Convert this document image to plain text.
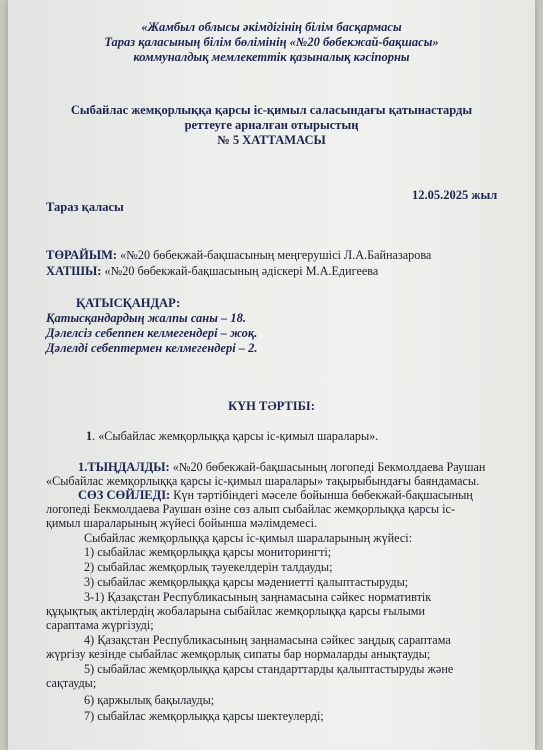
«Жамбыл облысы әкімдігінің білім басқармасы
Тараз қаласының білім бөлімінің «№20 бөбекжай-бақшасы»
коммуналдық мемлекеттік қазыналық кәсіпорны
Сыбайлас жемқорлыққа қарсы іс-қимыл саласындағы қатынастарды
реттеуге арналған отырыстың
№ 5 ХАТТАМАСЫ
12.05.2025 жыл
Тараз қаласы
ТӨРАЙЫМ: «№20 бөбекжай-бақшасының меңгерушісі Л.А.Байназарова
ХАТШЫ: «№20 бөбекжай-бақшасының әдіскері М.А.Едигеева
ҚАТЫСҚАНДАР:
Қатысқандардың жалпы саны – 18.
Дәлелсіз себеппен келмегендері – жоқ.
Дәлелді себептермен келмегендері – 2.
КҮН ТӘРТІБІ:
1. «Сыбайлас жемқорлыққа қарсы іс-қимыл шаралары».
1.ТЫҢДАЛДЫ: «№20 бөбекжай-бақшасының логопеді Бекмолдаева Раушан
«Сыбайлас жемқорлыққа қарсы іс-қимыл шаралары» тақырыбындағы баяндамасы.
СӨЗ СӨЙЛЕДІ: Күн тәртібіндегі мәселе бойынша бөбекжай-бақшасының
логопеді Бекмолдаева Раушан өзіне сөз алып сыбайлас жемқорлыққа қарсы іс-
қимыл шараларының жүйесі бойынша мәлімдемесі.
Сыбайлас жемқорлыққа қарсы іс-қимыл шараларының жүйесі:
1) сыбайлас жемқорлыққа қарсы мониторингті;
2) сыбайлас жемқорлық тәуекелдерін талдауды;
3) сыбайлас жемқорлыққа қарсы мәдениетті қалыптастыруды;
3-1) Қазақстан Республикасының заңнамасына сәйкес нормативтік
құқықтық актілердің жобаларына сыбайлас жемқорлыққа қарсы ғылыми
сараптама жүргізуді;
4) Қазақстан Республикасының заңнамасына сәйкес заңдық сараптама
жүргізу кезінде сыбайлас жемқорлық сипаты бар нормаларды анықтауды;
5) сыбайлас жемқорлыққа қарсы стандарттарды қалыптастыруды және
сақтауды;
6) қаржылық бақылауды;
7) сыбайлас жемқорлыққа қарсы шектеулерді;
